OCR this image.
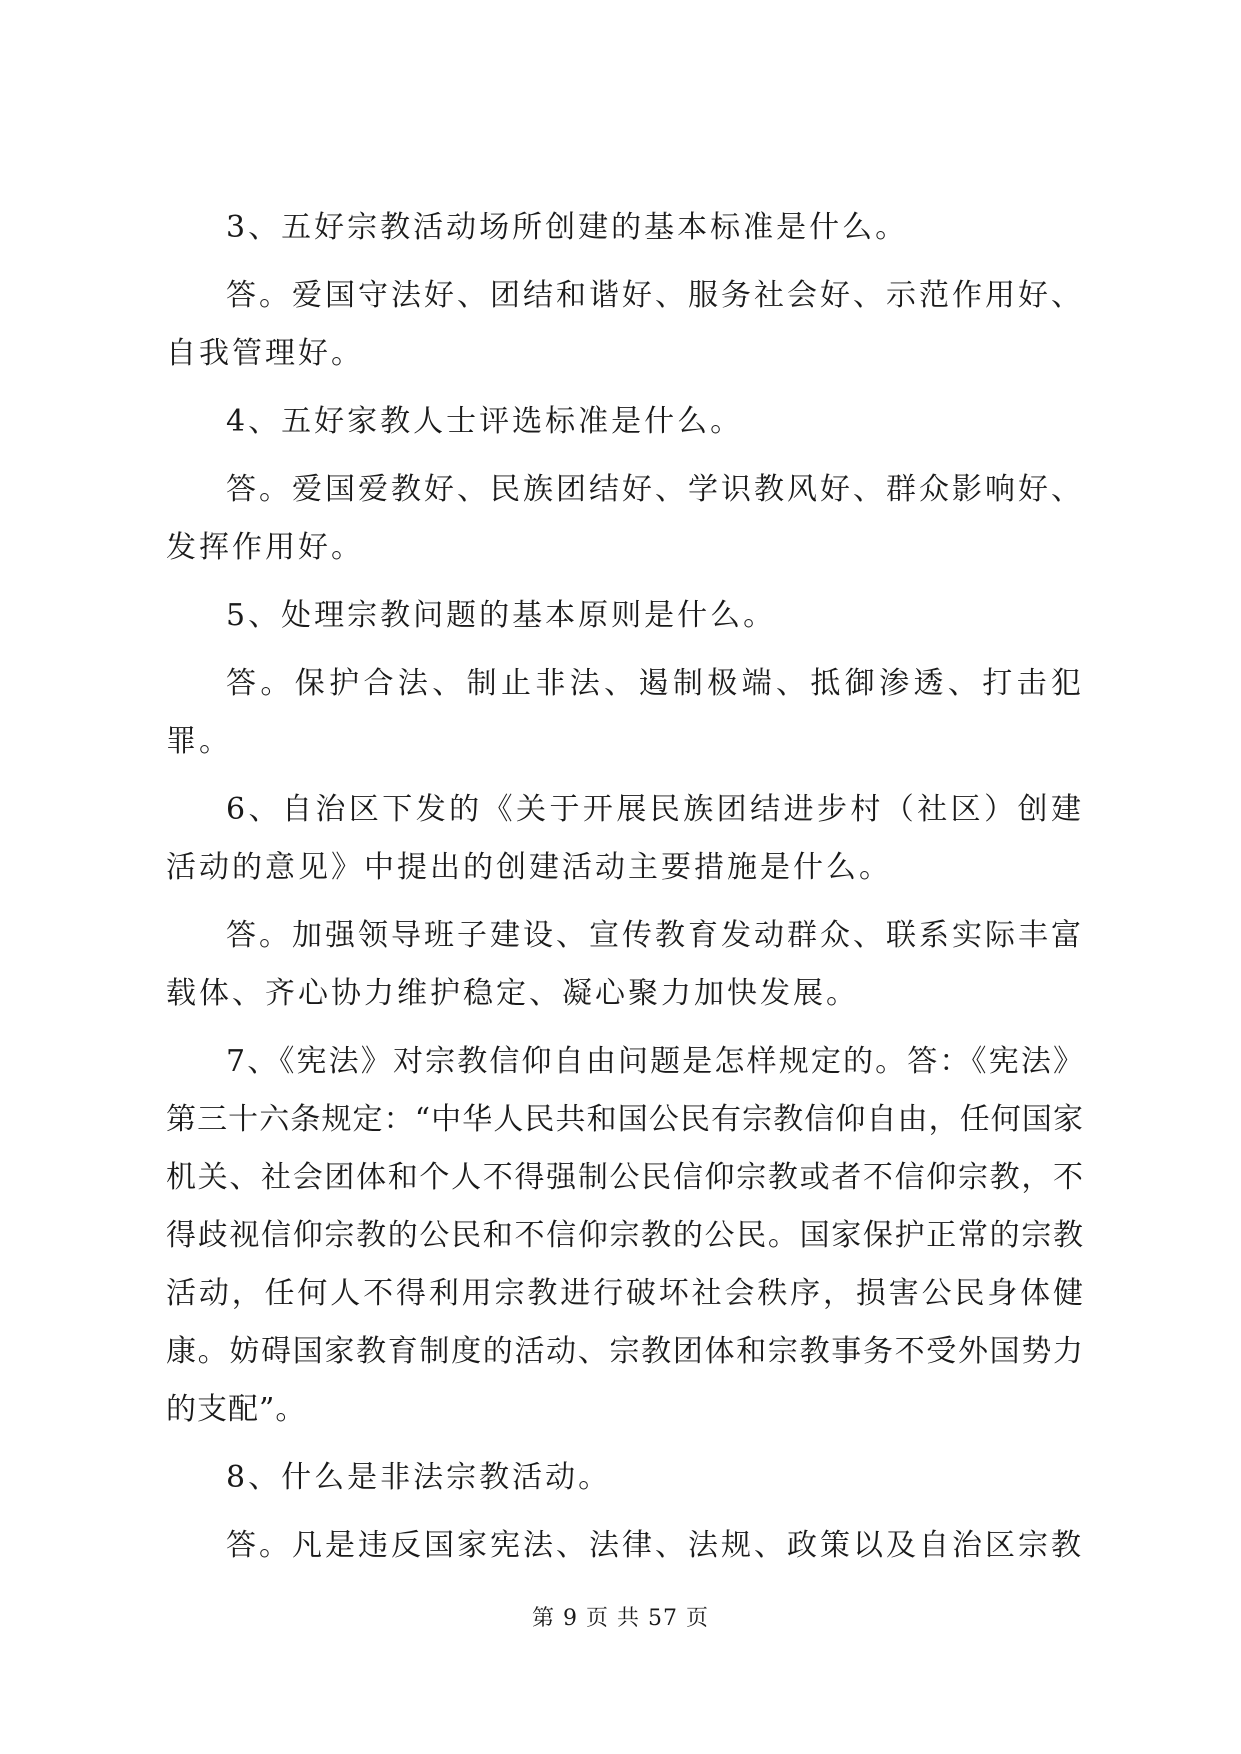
3、五好宗教活动场所创建的基本标准是什么。

答。爱国守法好、团结和谐好、服务社会好、示范作用好、自我管理好。

4、五好家教人士评选标准是什么。

答。爱国爱教好、民族团结好、学识教风好、群众影响好、发挥作用好。

5、处理宗教问题的基本原则是什么。

答。保护合法、制止非法、遏制极端、抵御渗透、打击犯罪。

6、自治区下发的《关于开展民族团结进步村（社区）创建活动的意见》中提出的创建活动主要措施是什么。

答。加强领导班子建设、宣传教育发动群众、联系实际丰富载体、齐心协力维护稳定、凝心聚力加快发展。

7、《宪法》对宗教信仰自由问题是怎样规定的。答：《宪法》第三十六条规定：“中华人民共和国公民有宗教信仰自由，任何国家机关、社会团体和个人不得强制公民信仰宗教或者不信仰宗教，不得歧视信仰宗教的公民和不信仰宗教的公民。国家保护正常的宗教活动，任何人不得利用宗教进行破坏社会秩序，损害公民身体健康。妨碍国家教育制度的活动、宗教团体和宗教事务不受外国势力的支配”。

8、什么是非法宗教活动。

答。凡是违反国家宪法、法律、法规、政策以及自治区宗教

第 9 页 共 57 页
